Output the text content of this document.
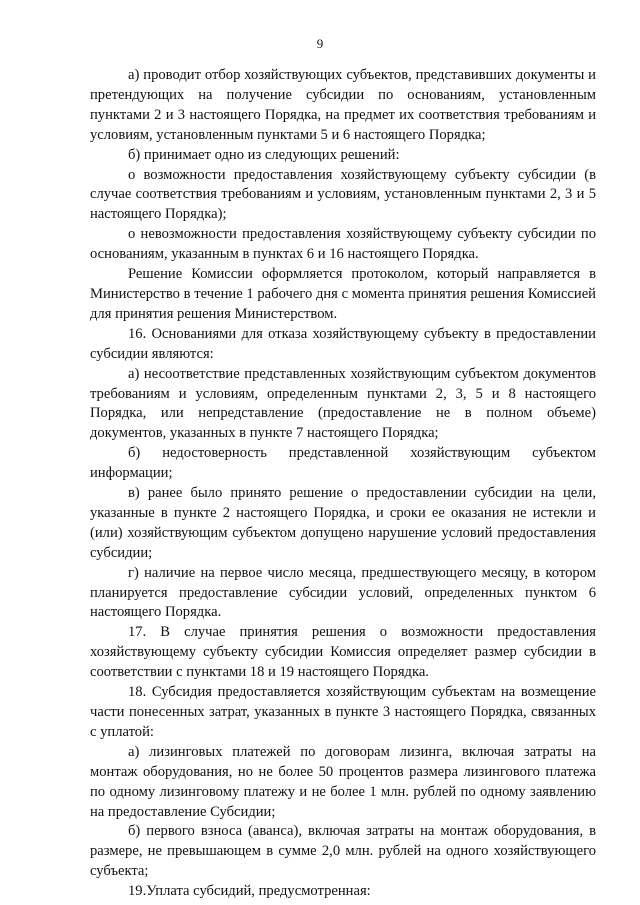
9

а) проводит отбор хозяйствующих субъектов, представивших документы и претендующих на получение субсидии по основаниям, установленным пунктами 2 и 3 настоящего Порядка, на предмет их соответствия требованиям и условиям, установленным пунктами 5 и 6 настоящего Порядка;

б) принимает одно из следующих решений:

о возможности предоставления хозяйствующему субъекту субсидии (в случае соответствия требованиям и условиям, установленным пунктами 2, 3 и 5 настоящего Порядка);

о невозможности предоставления хозяйствующему субъекту субсидии по основаниям, указанным в пунктах 6 и 16 настоящего Порядка.

Решение Комиссии оформляется протоколом, который направляется в Министерство в течение 1 рабочего дня с момента принятия решения Комиссией для принятия решения Министерством.

16. Основаниями для отказа хозяйствующему субъекту в предоставлении субсидии являются:

а) несоответствие представленных хозяйствующим субъектом документов требованиям и условиям, определенным пунктами 2, 3, 5 и 8 настоящего Порядка, или непредставление (предоставление не в полном объеме) документов, указанных в пункте 7 настоящего Порядка;

б) недостоверность представленной хозяйствующим субъектом информации;

в) ранее было принято решение о предоставлении субсидии на цели, указанные в пункте 2 настоящего Порядка, и сроки ее оказания не истекли и (или) хозяйствующим субъектом допущено нарушение условий предоставления субсидии;

г) наличие на первое число месяца, предшествующего месяцу, в котором планируется предоставление субсидии условий, определенных пунктом 6 настоящего Порядка.

17. В случае принятия решения о возможности предоставления хозяйствующему субъекту субсидии Комиссия определяет размер субсидии в соответствии с пунктами 18 и 19 настоящего Порядка.

18. Субсидия предоставляется хозяйствующим субъектам на возмещение части понесенных затрат, указанных в пункте 3 настоящего Порядка, связанных с уплатой:

а) лизинговых платежей по договорам лизинга, включая затраты на монтаж оборудования, но не более 50 процентов размера лизингового платежа по одному лизинговому платежу и не более 1 млн. рублей по одному заявлению на предоставление Субсидии;

б) первого взноса (аванса), включая затраты на монтаж оборудования, в размере, не превышающем в сумме 2,0 млн. рублей на одного хозяйствующего субъекта;

19.Уплата субсидий, предусмотренная:
